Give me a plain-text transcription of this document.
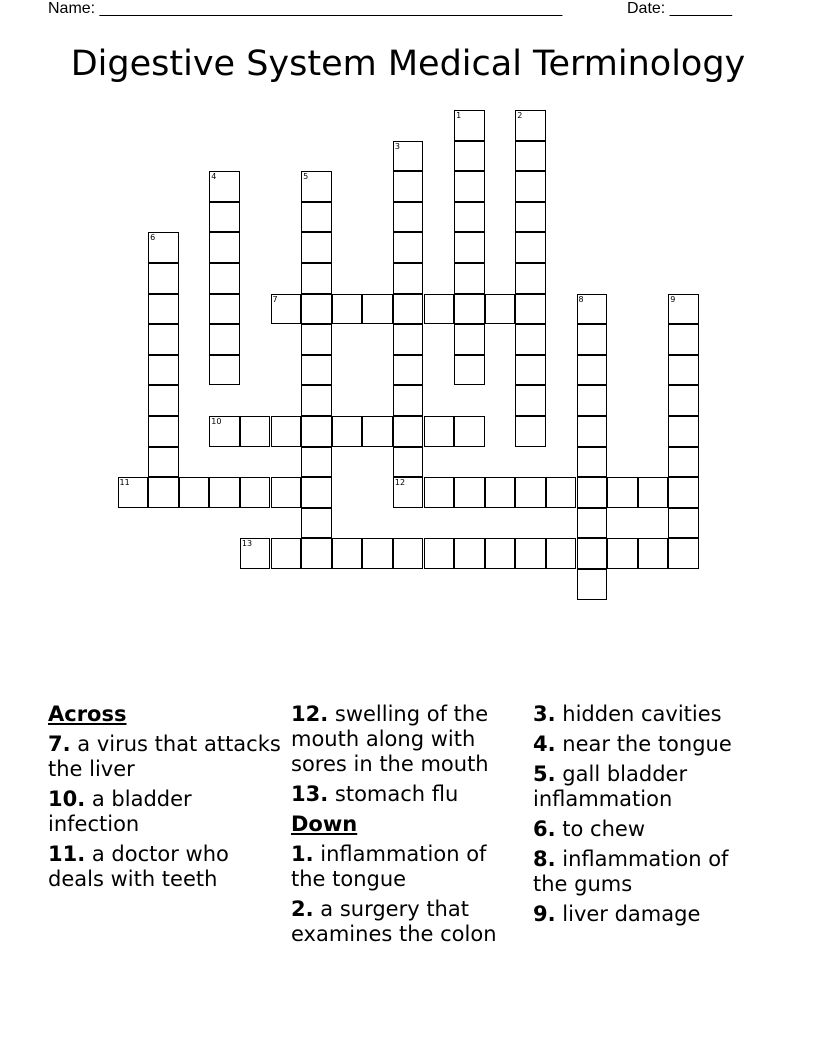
Name: ____________________________________________________	Date: _______
Digestive System Medical Terminology
1	2
3
4	5
6
7	8	9
10
11	12
13
Across
7. a virus that attacks the liver
10. a bladder infection
11. a doctor who deals with teeth
12. swelling of the mouth along with sores in the mouth
13. stomach flu
Down
1. inflammation of the tongue
2. a surgery that examines the colon
3. hidden cavities
4. near the tongue
5. gall bladder inflammation
6. to chew
8. inflammation of the gums
9. liver damage
